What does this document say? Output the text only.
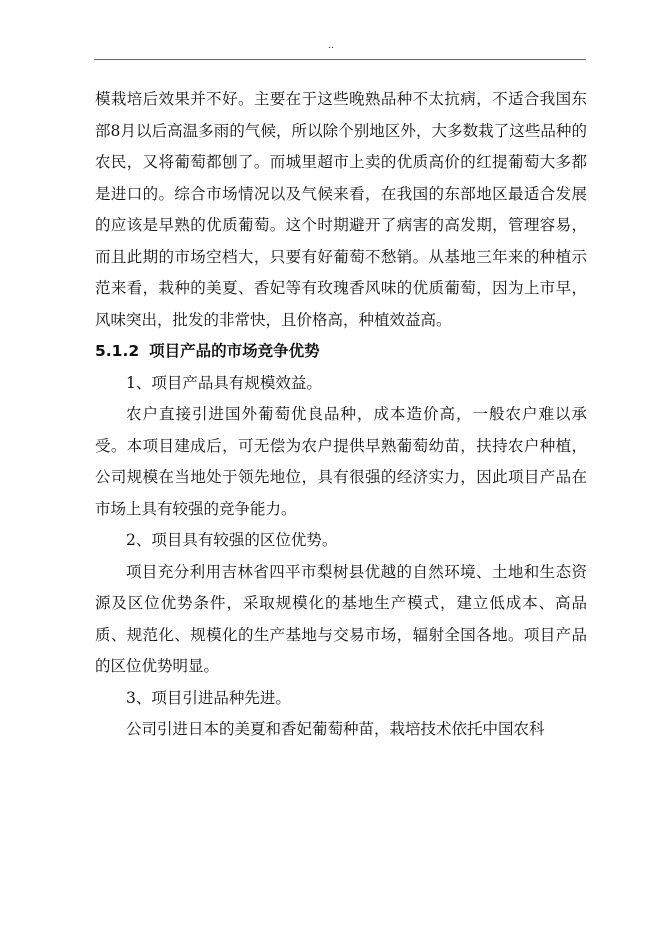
..

模栽培后效果并不好。主要在于这些晚熟品种不太抗病，不适合我国东部8月以后高温多雨的气候，所以除个别地区外，大多数栽了这些品种的农民，又将葡萄都刨了。而城里超市上卖的优质高价的红提葡萄大多都是进口的。综合市场情况以及气候来看，在我国的东部地区最适合发展的应该是早熟的优质葡萄。这个时期避开了病害的高发期，管理容易，而且此期的市场空档大，只要有好葡萄不愁销。从基地三年来的种植示范来看，栽种的美夏、香妃等有玫瑰香风味的优质葡萄，因为上市早，风味突出，批发的非常快，且价格高，种植效益高。

5.1.2 项目产品的市场竞争优势

1、项目产品具有规模效益。

农户直接引进国外葡萄优良品种，成本造价高，一般农户难以承受。本项目建成后，可无偿为农户提供早熟葡萄幼苗，扶持农户种植，公司规模在当地处于领先地位，具有很强的经济实力，因此项目产品在市场上具有较强的竞争能力。

2、项目具有较强的区位优势。

项目充分利用吉林省四平市梨树县优越的自然环境、土地和生态资源及区位优势条件，采取规模化的基地生产模式，建立低成本、高品质、规范化、规模化的生产基地与交易市场，辐射全国各地。项目产品的区位优势明显。

3、项目引进品种先进。

公司引进日本的美夏和香妃葡萄种苗，栽培技术依托中国农科
